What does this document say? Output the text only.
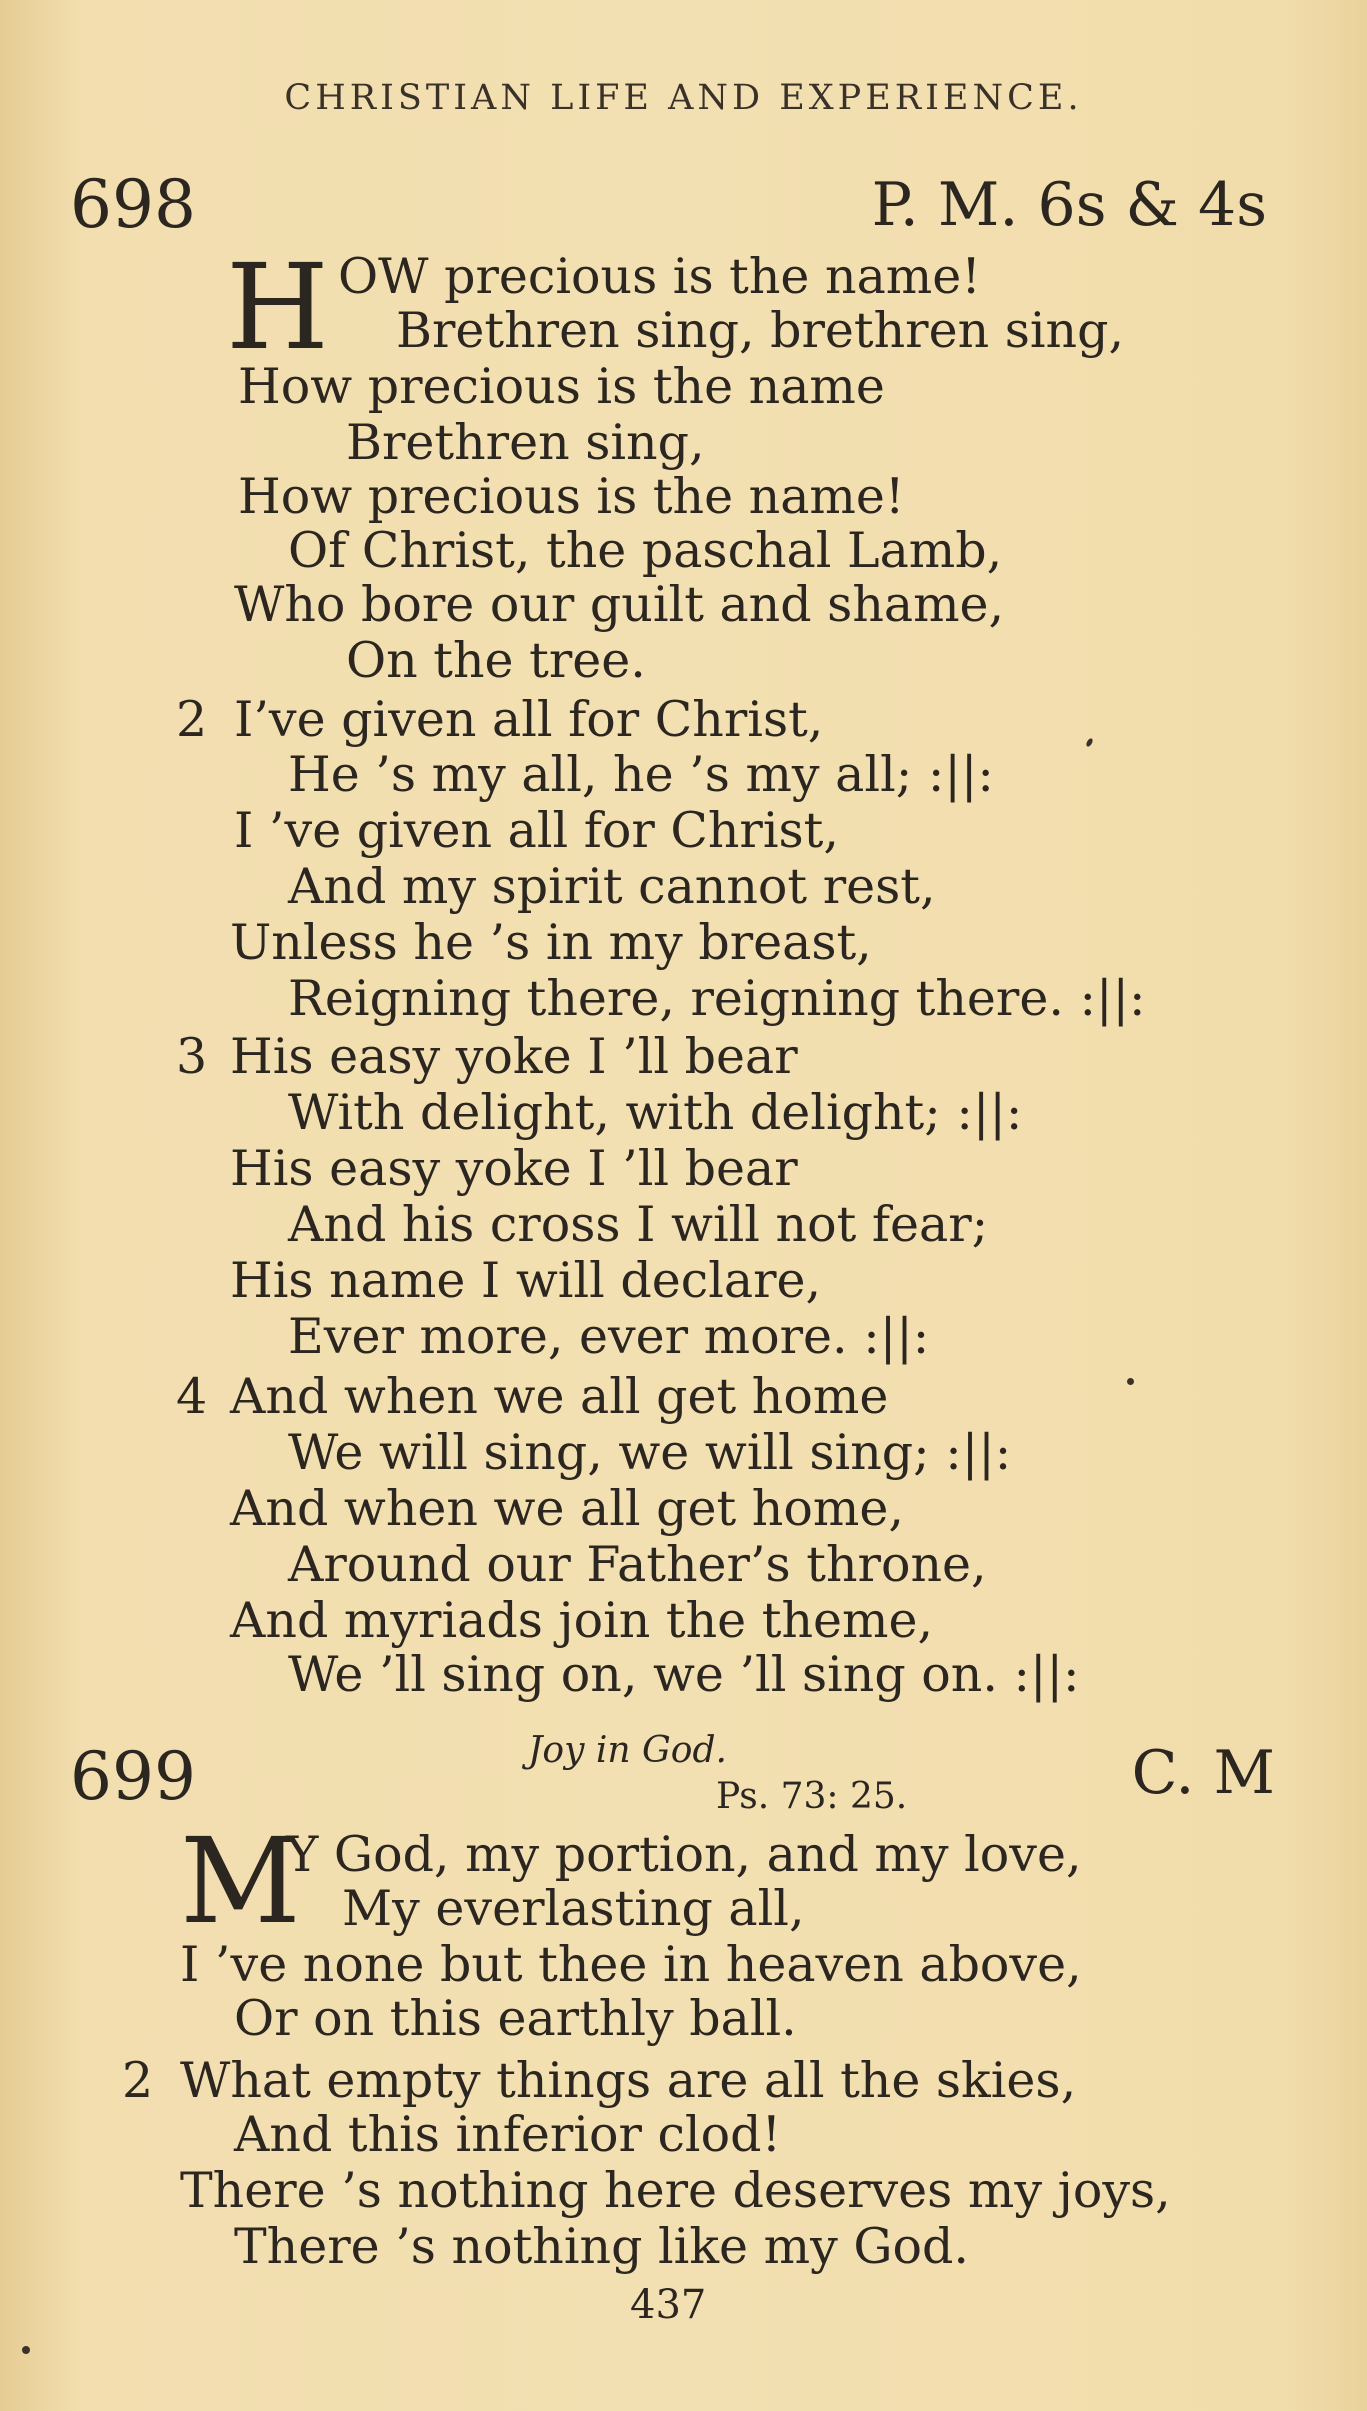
CHRISTIAN LIFE AND EXPERIENCE.
698	P. M. 6s & 4s
H OW precious is the name!
Brethren sing, brethren sing,
How precious is the name
Brethren sing,
How precious is the name!
Of Christ, the paschal Lamb,
Who bore our guilt and shame,
On the tree.
2 I’ve given all for Christ,
He ’s my all, he ’s my all; :||:
I ’ve given all for Christ,
And my spirit cannot rest,
Unless he ’s in my breast,
Reigning there, reigning there. :||:
3 His easy yoke I ’ll bear
With delight, with delight; :||:
His easy yoke I ’ll bear
And his cross I will not fear;
His name I will declare,
Ever more, ever more. :||:
4 And when we all get home
We will sing, we will sing; :||:
And when we all get home,
Around our Father’s throne,
And myriads join the theme,
We ’ll sing on, we ’ll sing on. :||:
699	Joy in God.
Ps. 73: 25.	C. M
M
Y God, my portion, and my love,
My everlasting all,
I ’ve none but thee in heaven above,
Or on this earthly ball.
2 What empty things are all the skies,
And this inferior clod!
There ’s nothing here deserves my joys,
There ’s nothing like my God.
437
